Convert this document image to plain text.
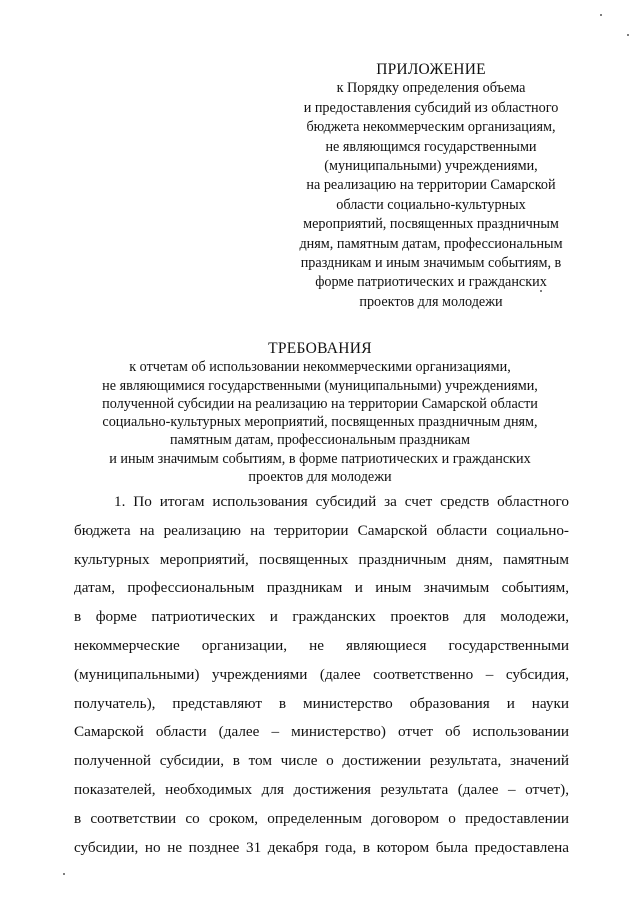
ПРИЛОЖЕНИЕ
к Порядку определения объема
и предоставления субсидий из областного
бюджета некоммерческим организациям,
не являющимся государственными
(муниципальными) учреждениями,
на реализацию на территории Самарской
области социально-культурных
мероприятий, посвященных праздничным
дням, памятным датам, профессиональным
праздникам и иным значимым событиям, в
форме патриотических и гражданских
проектов для молодежи
ТРЕБОВАНИЯ
к отчетам об использовании некоммерческими организациями,
не являющимися государственными (муниципальными) учреждениями,
полученной субсидии на реализацию на территории Самарской области
социально-культурных мероприятий, посвященных праздничным дням,
памятным датам, профессиональным праздникам
и иным значимым событиям, в форме патриотических и гражданских
проектов для молодежи
1. По итогам использования субсидий за счет средств областного
бюджета на реализацию на территории Самарской области социально-
культурных мероприятий, посвященных праздничным дням, памятным
датам, профессиональным праздникам и иным значимым событиям,
в форме патриотических и гражданских проектов для молодежи,
некоммерческие организации, не являющиеся государственными
(муниципальными) учреждениями (далее соответственно – субсидия,
получатель), представляют в министерство образования и науки
Самарской области (далее – министерство) отчет об использовании
полученной субсидии, в том числе о достижении результата, значений
показателей, необходимых для достижения результата (далее – отчет),
в соответствии со сроком, определенным договором о предоставлении
субсидии, но не позднее 31 декабря года, в котором была предоставлена
